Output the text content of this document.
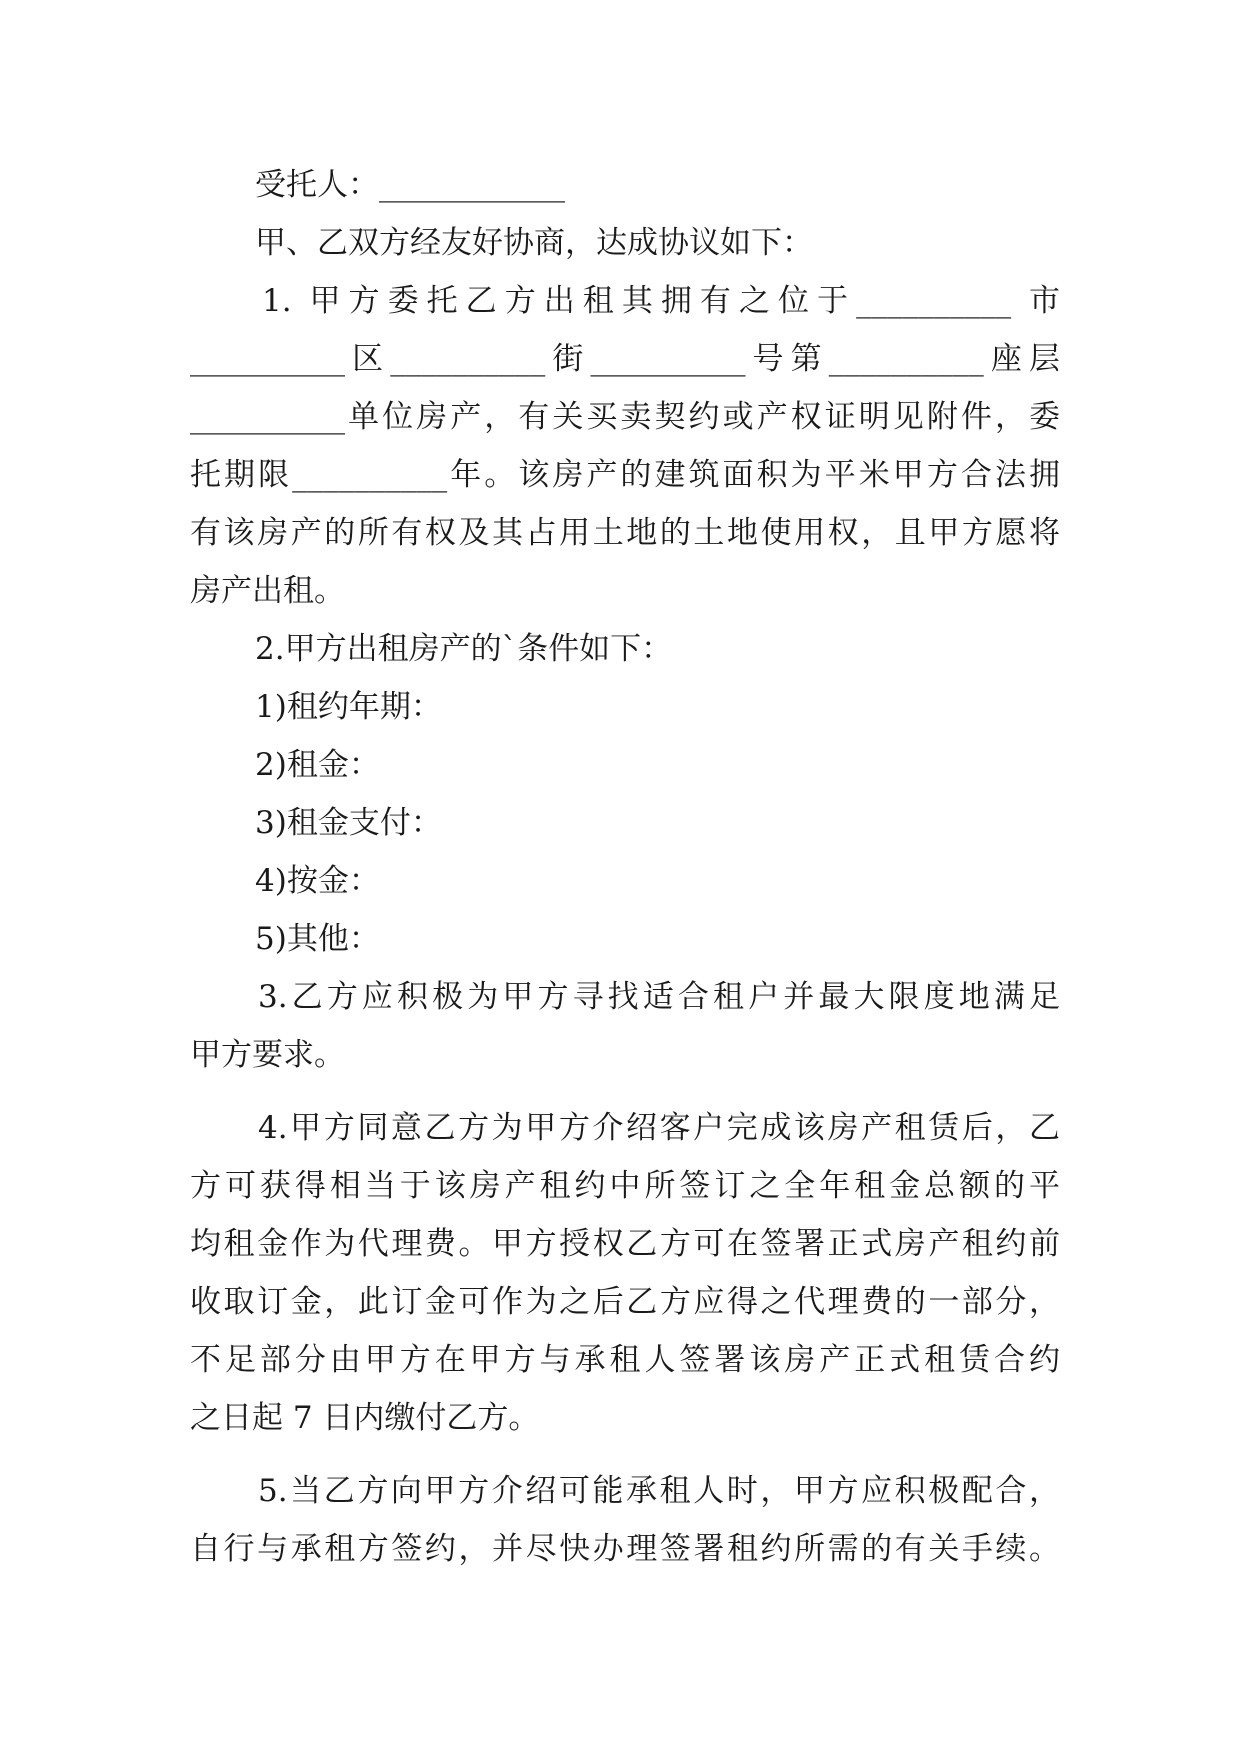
受托人：____________
甲、乙双方经友好协商，达成协议如下：
1. 甲方委托乙方出租其拥有之位于__________ 市
__________区__________街__________号第__________座层
__________单位房产，有关买卖契约或产权证明见附件，委
托期限__________年。该房产的建筑面积为平米甲方合法拥
有该房产的所有权及其占用土地的土地使用权，且甲方愿将
房产出租。
2.甲方出租房产的`条件如下：
1)租约年期：
2)租金：
3)租金支付：
4)按金：
5)其他：
3.乙方应积极为甲方寻找适合租户并最大限度地满足
甲方要求。
4.甲方同意乙方为甲方介绍客户完成该房产租赁后，乙
方可获得相当于该房产租约中所签订之全年租金总额的平
均租金作为代理费。甲方授权乙方可在签署正式房产租约前
收取订金，此订金可作为之后乙方应得之代理费的一部分，
不足部分由甲方在甲方与承租人签署该房产正式租赁合约
之日起 7 日内缴付乙方。
5.当乙方向甲方介绍可能承租人时，甲方应积极配合，
自行与承租方签约，并尽快办理签署租约所需的有关手续。
